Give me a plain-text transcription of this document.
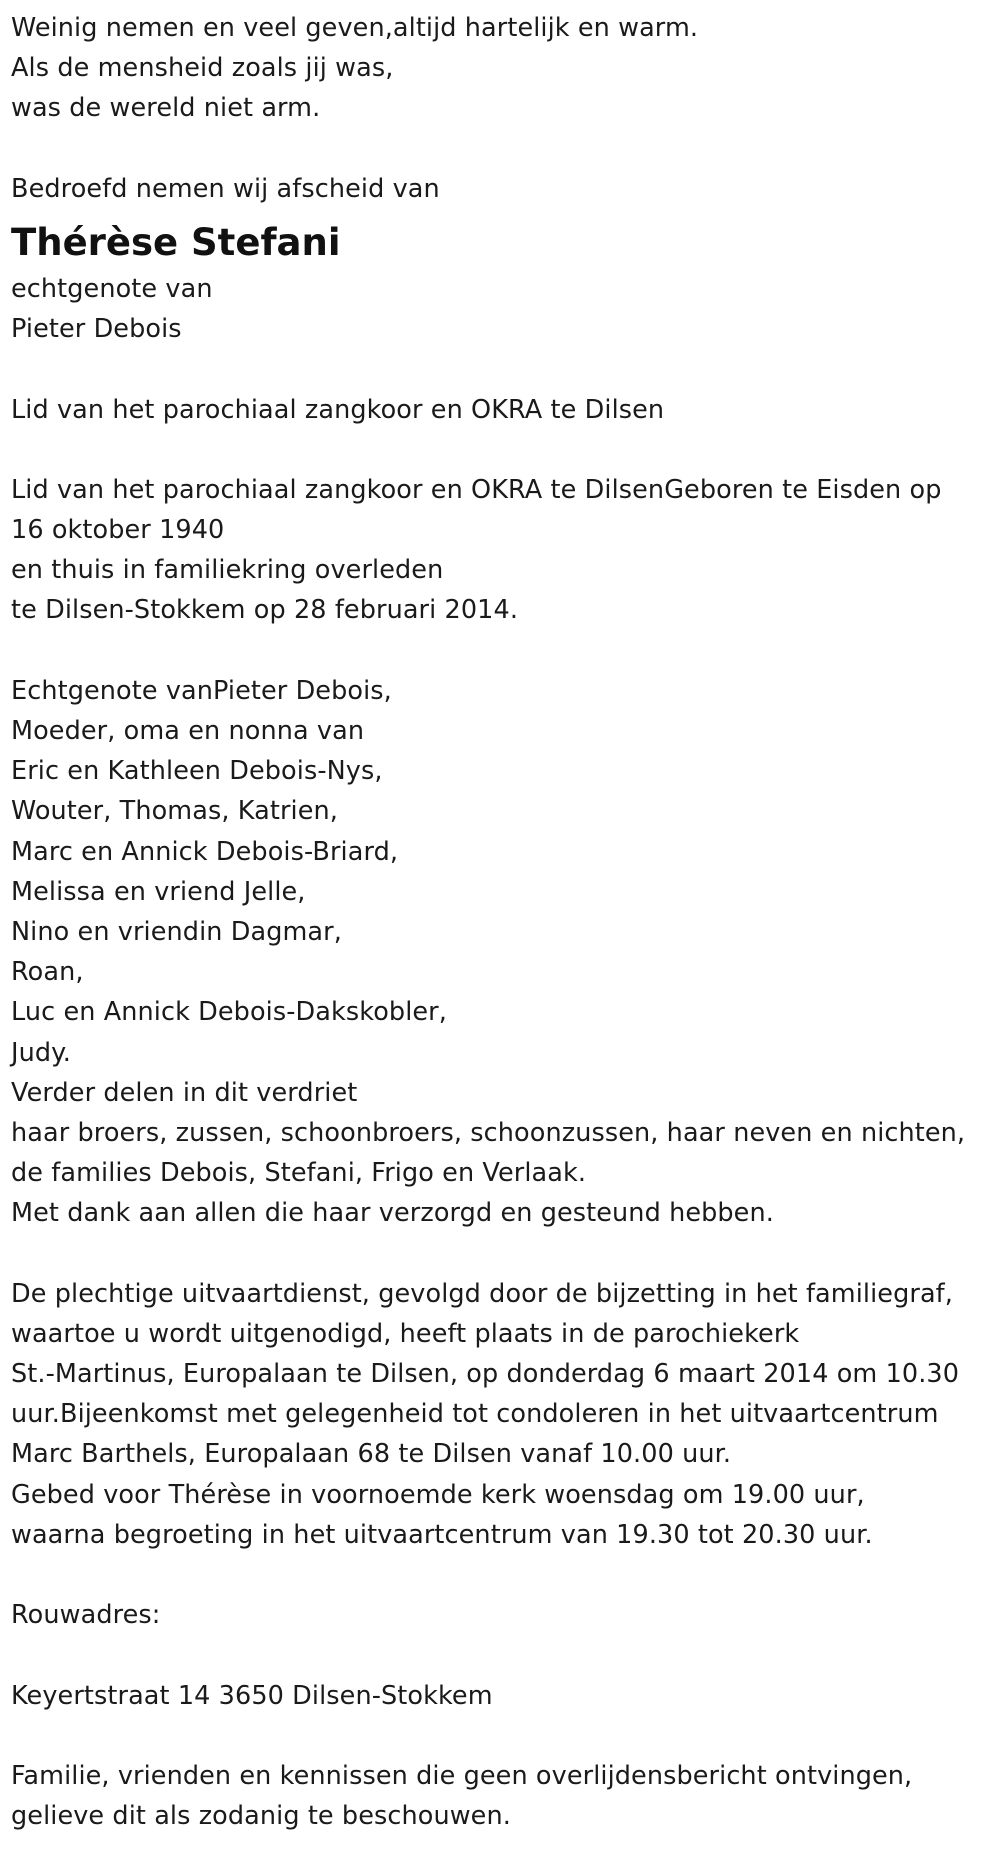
Weinig nemen en veel geven,altijd hartelijk en warm.
Als de mensheid zoals jij was,
was de wereld niet arm.
Bedroefd nemen wij afscheid van
Thérèse Stefani
echtgenote van
Pieter Debois
Lid van het parochiaal zangkoor en OKRA te Dilsen
Lid van het parochiaal zangkoor en OKRA te DilsenGeboren te Eisden op
16 oktober 1940
en thuis in familiekring overleden
te Dilsen-Stokkem op 28 februari 2014.
Echtgenote vanPieter Debois,
Moeder, oma en nonna van
Eric en Kathleen Debois-Nys,
Wouter, Thomas, Katrien,
Marc en Annick Debois-Briard,
Melissa en vriend Jelle,
Nino en vriendin Dagmar,
Roan,
Luc en Annick Debois-Dakskobler,
Judy.
Verder delen in dit verdriet
haar broers, zussen, schoonbroers, schoonzussen, haar neven en nichten,
de families Debois, Stefani, Frigo en Verlaak.
Met dank aan allen die haar verzorgd en gesteund hebben.
De plechtige uitvaartdienst, gevolgd door de bijzetting in het familiegraf,
waartoe u wordt uitgenodigd, heeft plaats in de parochiekerk
St.-Martinus, Europalaan te Dilsen, op donderdag 6 maart 2014 om 10.30
uur.Bijeenkomst met gelegenheid tot condoleren in het uitvaartcentrum
Marc Barthels, Europalaan 68 te Dilsen vanaf 10.00 uur.
Gebed voor Thérèse in voornoemde kerk woensdag om 19.00 uur,
waarna begroeting in het uitvaartcentrum van 19.30 tot 20.30 uur.
Rouwadres:
Keyertstraat 14 3650 Dilsen-Stokkem
Familie, vrienden en kennissen die geen overlijdensbericht ontvingen,
gelieve dit als zodanig te beschouwen.
